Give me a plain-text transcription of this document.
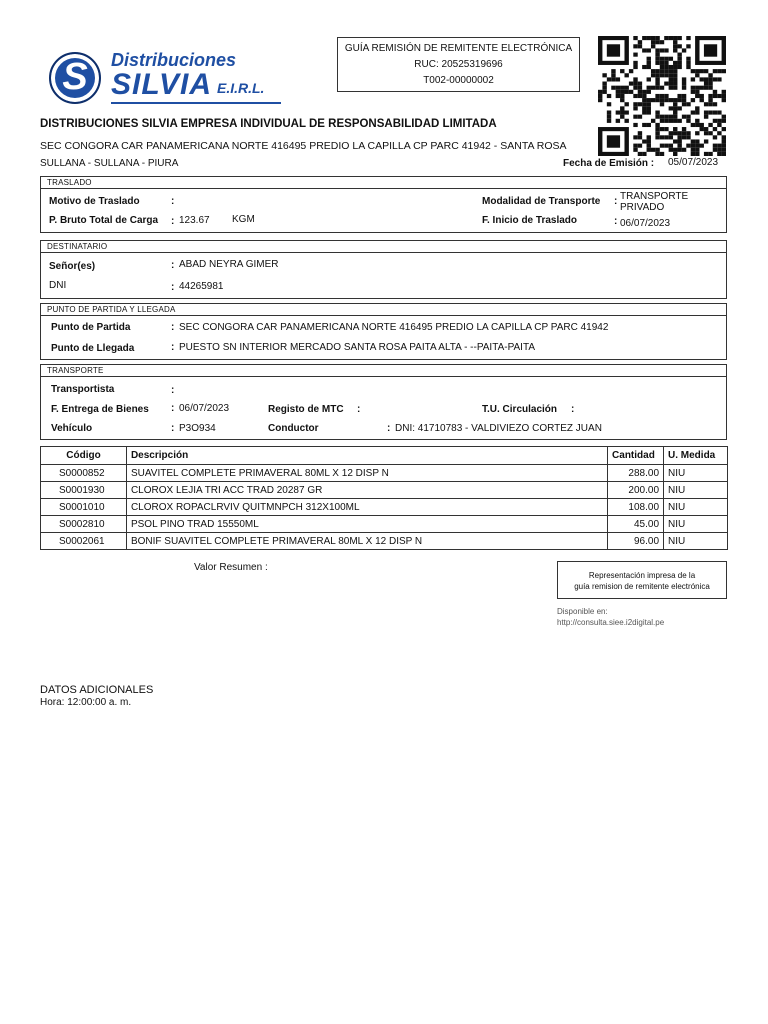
S	Distribuciones
SILVIA E.I.R.L.
GUÍA REMISIÓN DE REMITENTE ELECTRÓNICA
RUC: 20525319696
T002-00000002
DISTRIBUCIONES SILVIA EMPRESA INDIVIDUAL DE RESPONSABILIDAD LIMITADA
SEC CONGORA CAR PANAMERICANA NORTE 416495 PREDIO LA CAPILLA CP PARC 41942 - SANTA ROSA
SULLANA - SULLANA - PIURA	Fecha de Emisión : 05/07/2023
TRASLADO
Motivo de Traslado	:
P. Bruto Total de Carga : 123.67 KGM
Modalidad de Transporte : TRANSPORTE
PRIVADO
F. Inicio de Traslado	: 06/07/2023
DESTINATARIO
Señor(es)	: ABAD NEYRA GIMER
DNI	: 44265981
PUNTO DE PARTIDA Y LLEGADA
Punto de Partida	: SEC CONGORA CAR PANAMERICANA NORTE 416495 PREDIO LA CAPILLA CP PARC 41942
Punto de Llegada	: PUESTO SN INTERIOR MERCADO SANTA ROSA PAITA ALTA - --PAITA-PAITA
TRANSPORTE
Transportista	:
F. Entrega de Bienes : 06/07/2023	Registo de MTC :	T.U. Circulación :
Vehículo	: P3O934	Conductor	: DNI: 41710783 - VALDIVIEZO CORTEZ JUAN
Código	Descripción	Cantidad	U. Medida
S0000852	SUAVITEL COMPLETE PRIMAVERAL 80ML X 12 DISP N	288.00	NIU
S0001930	CLOROX LEJIA TRI ACC TRAD 20287 GR	200.00	NIU
S0001010	CLOROX ROPACLRVIV QUITMNPCH 312X100ML	108.00	NIU
S0002810	PSOL PINO TRAD 15550ML	45.00	NIU
S0002061	BONIF SUAVITEL COMPLETE PRIMAVERAL 80ML X 12 DISP N	96.00	NIU
Valor Resumen :
Representación impresa de la
guía remision de remitente electrónica
Disponible en:
http://consulta.siee.i2digital.pe
DATOS ADICIONALES
Hora: 12:00:00 a. m.
